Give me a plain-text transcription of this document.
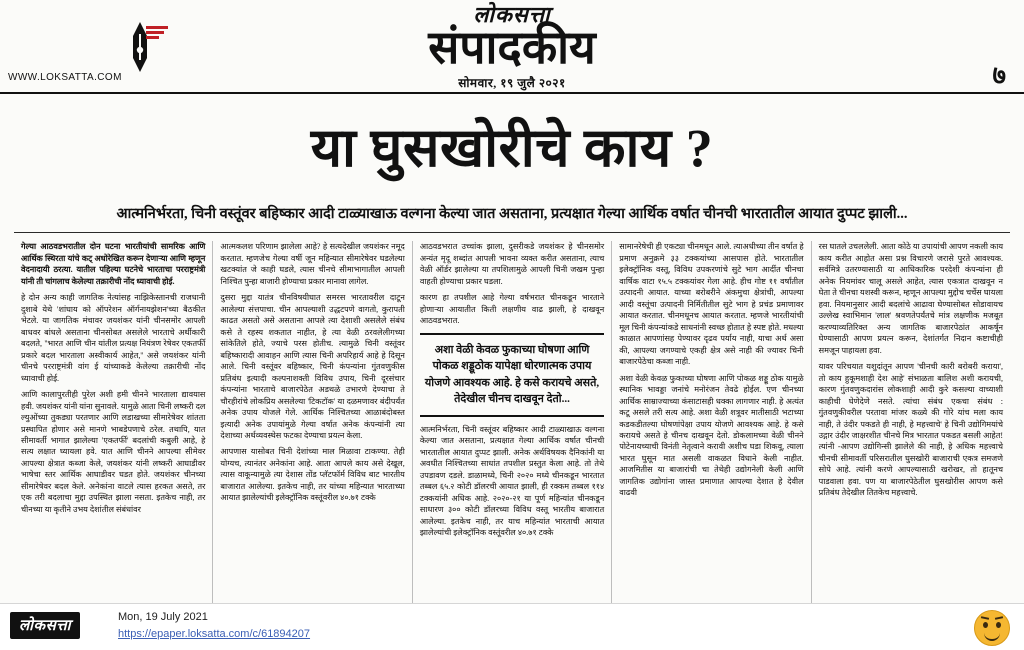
WWW.LOKSATTA.COM
लोकसत्ता
संपादकीय
सोमवार, १९ जुलै २०२१	७
या घुसखोरीचे काय ?
आत्मनिर्भरता, चिनी वस्तूंवर बहिष्कार आदी टाळ्याखाऊ वल्गना केल्या जात असताना, प्रत्यक्षात गेल्या आर्थिक वर्षात चीनची भारतातील आयात दुप्पट झाली...

गेल्या आठवडभरातील दोन घटना भारतीयांची सामरिक आणि आर्थिक स्थिरता यांचे कट् अधोरेखित करून देणाऱ्या आणि म्हणून वेदनादायी ठरत्या. यातील पहिल्या घटनेचे भारताचा परराष्ट्रमंत्री यांनी ती चांगलाच केलेल्या तक्रारीची नोंद ध्यावाची होई.

हे दोन अन्य काही जागतिक नेत्यांसह नाझिकेस्तानची राजधानी दुशाबे येथे 'शांघाय को ऑपरेशन ऑर्गनायझेशन'च्या बैठकीत भेटले. या जागतिक मंचावर जयशंकर यांनी चीनसमोर आपली बाधवर बांधले असताना चीनसोबत असलेले भारताचे अर्थीकारी बदलते, ''भारत आणि चीन यांतील प्रत्यक्ष नियंत्रण रेषेवर एकतर्फी प्रकारे बदल भारताला अस्वीकार्य आहेत,'' असे जयशंकर यांनी चीनचे परराष्ट्रमंत्री वांग ई यांच्याकडे केलेल्या तक्रारीची नोंद ध्यावाची होई.

आणि कालापुरतीही पुरेल अशी हमी चीनने भारताला द्यावयास हवी. जयशंकर यांनी यांना सुनावले. यामुळे आता चिनी लष्करी दल ल्युओंच्या तुकड्या परतणार आणि लडाखच्या सीमारेषेवर शांतता प्रस्थापित होणार असे मानणे भाबडेपणाचे ठरेल. तथापि, यात सीमावर्ती भागात झालेल्या 'एकतर्फी' बदलांची कबुली आहे, हे सत्य लक्षात घ्यायला हवे. यात आणि चीनने आपल्या सीमेवर आपल्या क्षेत्रात कब्जा केले, जयशंकर यांनी लष्करी आघाडीवर भाषेचा स्तर आर्थिक आघाडीवर घडत होते. जयशंकर चीनच्या सीमारेषेवर बदल केले. अनेकांना वाटले त्यास हरकत असते, तर एक तरी बदलाचा मुद्दा उपस्थित झाला नसता. इतकेच नाही, तर चीनच्या या कृतीने उभय देशांतील संबंधांवर

आत्मकलश परिणाम झालेला आहे? हे सत्यदेखील जयशंकर नमूद करतात. म्हणजेच गेल्या वर्षी जून महिन्यात सीमारेषेवर घडलेल्या खटक्यांत जे काही घडले, त्यास चीनचे सीमाभागातील आपली निश्चित पुन्हा बाजारी होण्याचा प्रकार मानावा लागेल.

दुसरा मुद्दा यातंत्र चीनविषयीघात समरस भारतावरील दाटून आलेल्या संत्तपाचा. चीन आपल्याशी उद्धटपणे वागतो, कुरापती काढत असतो असे असताना आपले त्या देशाशी असलेले संबंध कसे ते रहस्य शकतात नाहीत, हे त्या वेळी ठरवलेलीगच्या सांकेतिले होते, ज्याचे परस होतीच. त्यामुळे चिनी वस्तूंवर बहिष्कारादी आवाहन आणि त्यास चिनी अपरिहार्य आहे हे दिसून आले. चिनी वस्तूंवर बहिष्कार, चिनी कंपन्यांना गुंतवणुकीस प्रतिबंध इत्यादी कल्पनाशक्ती विविध उपाय, चिनी दूरसंचार कंपन्यांना भारताचे बाजारपेठेत अडथळे उभारणे देण्याचा ते चौरहीरांचे लोकप्रिय असलेल्या 'टिकटॉक' या दळमणावर बंदीपर्यंत अनेक उपाय योजले गेले. आर्थिक निश्चितच्या आळाबंदोबस्त इत्यादी अनेक उपायांमुळे गेल्या वर्षात अनेक कंपन्यांनी त्या देशाच्या अर्थव्यवस्थेस फटका देण्याचा प्रयत्न केला.

आपणास यासोबत चिनी देशांच्या माल मिळावा टाकण्या. तेही योग्यच, त्यानंतर अनेकांना आहे. आता आपले काय असे देखूल, त्यास वाकून्यामुळे त्या देशास तोंड प्लॅटफॉर्म विविध बाट भारतीय बाजारात आलेल्या. इतकेच नाही, तर यांच्या महिन्यात भारताच्या आयात झालेल्यांची इलेक्ट्रॉनिक वस्तूंवरील ४०.७१ टक्के

आठवडभरात उच्चांक झाला, दुसरीकडे जयशंकर हे चीनसमोर अन्यंत मृदू शब्दांत आपली भावना व्यक्त करीत असताना, त्याच वेळी ऑर्डर झालेल्या या तपशिलामुळे आपली चिनी जखम पुन्हा वाहती होण्याचा प्रकार घडला.

कारण हा तपशील आहे गेल्या वर्षभरात चीनकडून भारताने होणाऱ्या आयातीत किती लक्षणीय वाढ झाली, हे दाखवून आठवडभरात.

अशा वेळी केवळ फुकाच्या घोषणा आणि पोकळ शड्डूठोक यापेक्षा धोरणात्मक उपाय योजणे आवश्यक आहे. हे कसे करायचे असते, तेदेखील चीनच दाखवून देतो...

आत्मनिर्भरता, चिनी वस्तूंवर बहिष्कार आदी टाळ्याखाऊ वल्गना केल्या जात असताना, प्रत्यक्षात गेल्या आर्थिक वर्षात चीनची भारतातील आयात दुप्पट झाली. अनेक अर्थविषयक दैनिकांनी या अवधीत निश्चितच्या साधांत तपशील प्रस्तुत केला आहे. तो तेथे उपडावण दडले. डाळामध्ये, चिनी २०२० मध्ये चीनकडून भारतात तब्बल ६५.२ कोटी डॉलरची आयात झाली, ही रक्कम तब्बल ११४ टक्कयांनी अधिक आहे. २०२०-२१ या पूर्ण महिन्यांत चीनकडून साधारण ३०० कोटी डॉलरच्या विविध वस्तू भारतीय बाजारात आलेल्या. इतकेच नाही, तर याच महिन्यांत भारताची आयात झालेल्यांची इलेक्ट्रॉनिक वस्तूंवरील ४०.७१ टक्के

सामानरेषेची ही एकट्या चीनमधून आले. त्याअधीच्या तीन वर्षात हे प्रमाण अनुक्रमे ३३ टक्कयांच्या आसपास होते. भारतातील इलेक्ट्रॉनिक वस्तू, विविध उपकरणांचे सुटे भाग आदींत चीनचा वार्षिक वाटा १५.५ टक्कयांवर गेला आहे. हीच गोष्ट ११ वर्षांतील उत्पादनी आयात. याच्या बरोबरीने अंकमुचा क्षेत्रांची, आपल्या आदी वस्तूंचा उत्पादनी निर्मितीतील सुटे भाग हे प्रचंड प्रमाणावर आयात करतात. चीनमधूनच आयात करतात. म्हणजे भारतीयांची मूल चिनी कंपन्यांकडे साधनांनी स्वच्छ होतात हे स्पष्ट होते. मधल्या काळात आपणांसह पेण्यावर दृढव पर्याय नाही, याचा अर्थ असा की, आपल्या जगण्याचे एकही क्षेत्र असे नाही की ज्यावर चिनी बाजारपेठेचा कब्जा नाही.

अशा वेळी केवळ फुकाच्या घोषणा आणि पोकळ शड्डू ठोक यामुळे स्थानिक भावड्डा जनांचे मनोरंजन तेवढे होईल. एण चीनच्या आर्थिक साम्राज्याच्या कंसाटासही धक्का लागणार नाही. हे अत्यंत कटू असले तरी सत्य आहे. अशा वेळी शत्रूवर मातीसाठी भटाच्या कडकडीतल्या घोषणांपेक्षा उपाय योजणे आवश्यक आहे. हे कसे करायचे असते हे चीनच दाखवून देतो. डोकलामच्या वेळी चीनने पोटेनायच्याची विनंती नेतृत्वाने करावी अशीच घडा शिकवू, त्याला भारत घुसून मात असली वाकळत विधाने केली नाहीत. आजमितीस या बाजारांची चा तेथेही उद्योगनेली केली आणि जागतिक उद्योगांना जास्त प्रमाणात आपल्या देशात हे देवील वाढवी

रस घातले उचललेली. आता कोठे या उपायांची आपण नकली काय काय करीत आहोत असा प्रश्न विचारणे जरासे पुरते आवश्यक. सर्वमित्रे उतरण्यासाठी या आधिकारिक परदेशी कंपन्यांना ही अनेक नियमांवर चालू असले आहेत, त्यास एकत्रात दाखवून न घेता ते चीनचा यशस्वी करून, म्हणून आपल्या मुद्दोच चर्चेस घायला हवा. नियमानुसार आदी बदलांचे आढावा घेण्यासोबत सोडावायच उल्लेख स्वाभिमान 'लाल' श्रवणतेपर्यंतचे मांत्र लक्षणीक मजबूत करण्याव्यतिरिक्त अन्य जागतिक बाजारपेठांत आकर्षून घेण्यासाठी आपण प्रयत्न करून, देशांतर्गत निदान कष्टाचीही समजून पाहायला हवा.

यावर परिचयात यशुदांतून आपण 'चीनची कारी बरोबरी कराया', तो काय हुकूमशाही देश आहे' संभाळता बालिश अशी करायची, कारण गुंतवणुकदारांस लोकशाही आदी कुरे कसल्या वाच्याशी काहीची घेणेदेणे नसते. त्यांचा संबंध एकचा संबंध : गुंतवणुकीवरील परतावा मांजर कळ्ये की गोरे यांच मला काय नाही, ते उंदीर पकडते ही नाही, हे महत्त्वाचे' हे चिनी उद्योगिमयांचे उद्गार उंदीर जाक्षरशीत चीनचे मित्र भारतात पकडत बसली आहेत! त्यांनी -आपण उद्योगिन्सी झालेले की नाही, हे अधिक महत्त्वाचे चीनची सीमावर्ती परिसरातील घुसखोरी बाजाराची एकत्र समजणे सोपे आहे. त्यांनी करणे आपल्यासाठी खरोखर, तो हातूनच पाडवाला हवा. पण या बाजारपेठेतील घुसखोरीस आपण कसे प्रतिबंध तेदेखील तितकेच महत्त्वाचे.

लोकसत्ता
Mon, 19 July 2021
https://epaper.loksatta.com/c/61894207
